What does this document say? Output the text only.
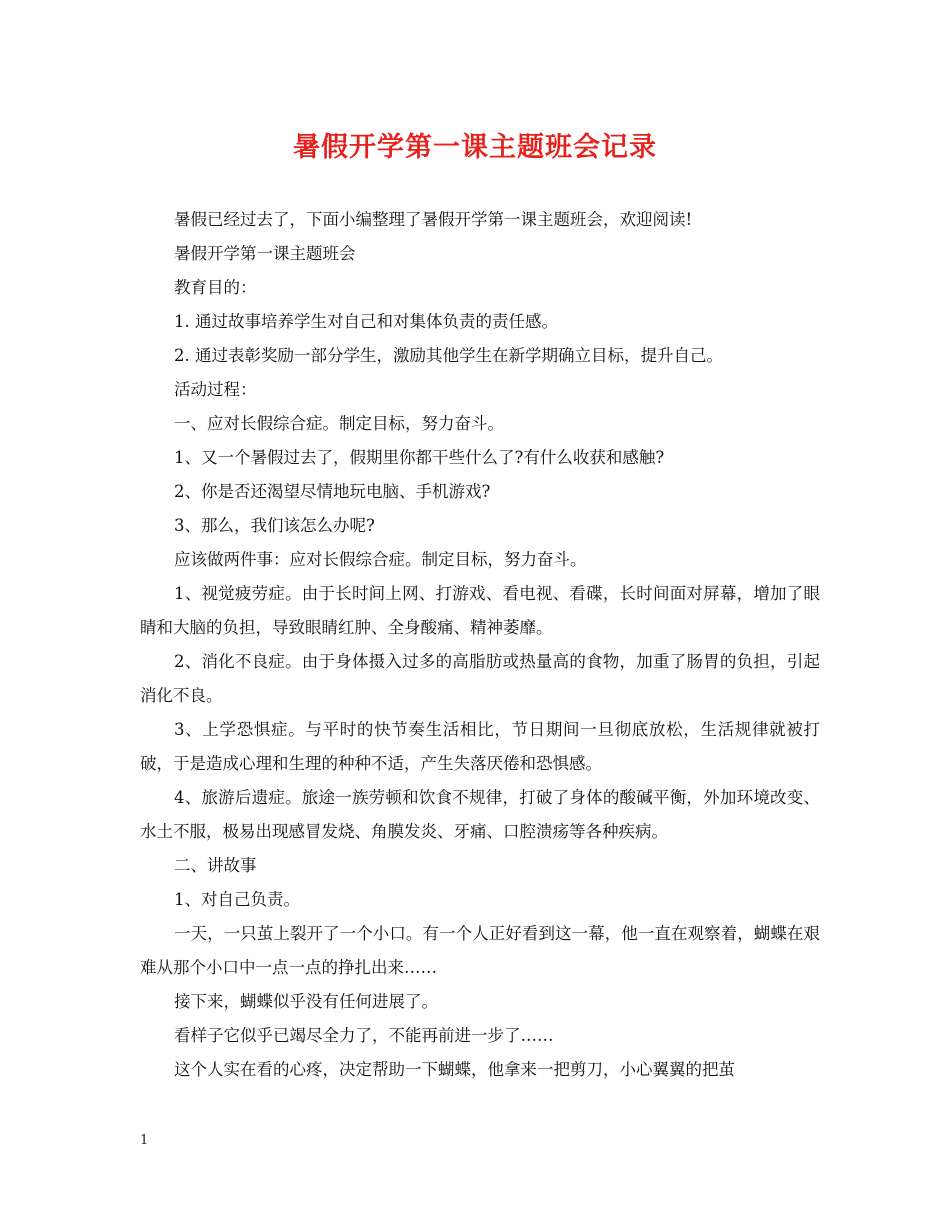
暑假开学第一课主题班会记录

暑假已经过去了，下面小编整理了暑假开学第一课主题班会，欢迎阅读!

暑假开学第一课主题班会

教育目的：

1. 通过故事培养学生对自己和对集体负责的责任感。

2. 通过表彰奖励一部分学生，激励其他学生在新学期确立目标，提升自己。

活动过程：

一、应对长假综合症。制定目标，努力奋斗。

1、又一个暑假过去了，假期里你都干些什么了?有什么收获和感触?

2、你是否还渴望尽情地玩电脑、手机游戏?

3、那么，我们该怎么办呢?

应该做两件事：应对长假综合症。制定目标，努力奋斗。

1、视觉疲劳症。由于长时间上网、打游戏、看电视、看碟，长时间面对屏幕，增加了眼睛和大脑的负担，导致眼睛红肿、全身酸痛、精神萎靡。

2、消化不良症。由于身体摄入过多的高脂肪或热量高的食物，加重了肠胃的负担，引起消化不良。

3、上学恐惧症。与平时的快节奏生活相比，节日期间一旦彻底放松，生活规律就被打破，于是造成心理和生理的种种不适，产生失落厌倦和恐惧感。

4、旅游后遗症。旅途一族劳顿和饮食不规律，打破了身体的酸碱平衡，外加环境改变、水土不服，极易出现感冒发烧、角膜发炎、牙痛、口腔溃疡等各种疾病。

二、讲故事

1、对自己负责。

一天，一只茧上裂开了一个小口。有一个人正好看到这一幕，他一直在观察着，蝴蝶在艰难从那个小口中一点一点的挣扎出来……

接下来，蝴蝶似乎没有任何进展了。

看样子它似乎已竭尽全力了，不能再前进一步了……

这个人实在看的心疼，决定帮助一下蝴蝶，他拿来一把剪刀，小心翼翼的把茧

1
